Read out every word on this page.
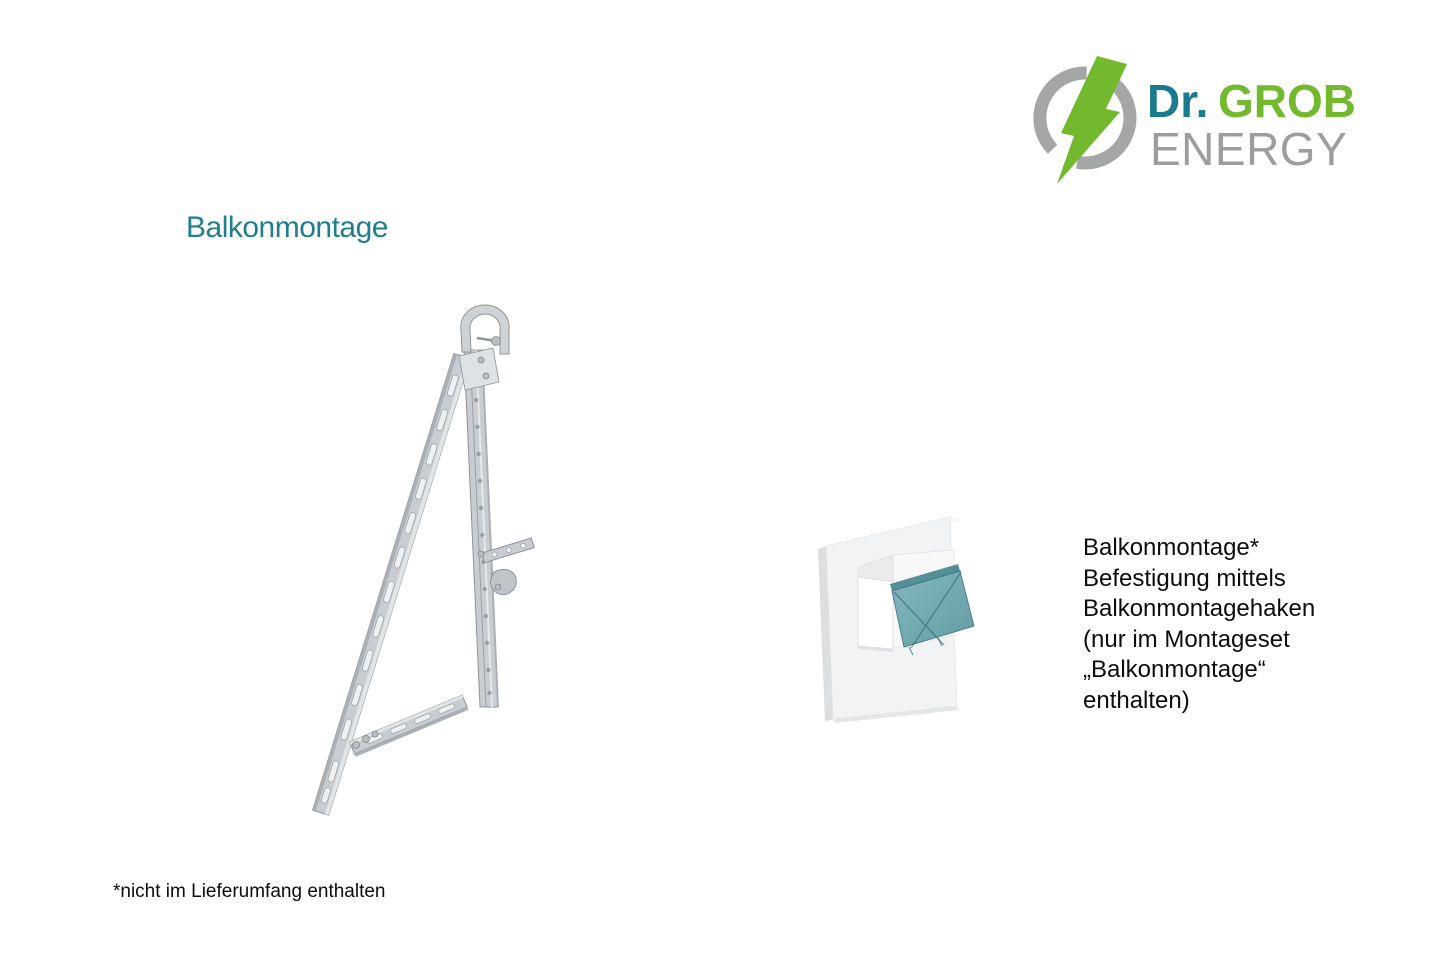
Dr. GROB
ENERGY
Balkonmontage
Balkonmontage*
Befestigung mittels
Balkonmontagehaken
(nur im Montageset
„Balkonmontage“
enthalten)
*nicht im Lieferumfang enthalten
